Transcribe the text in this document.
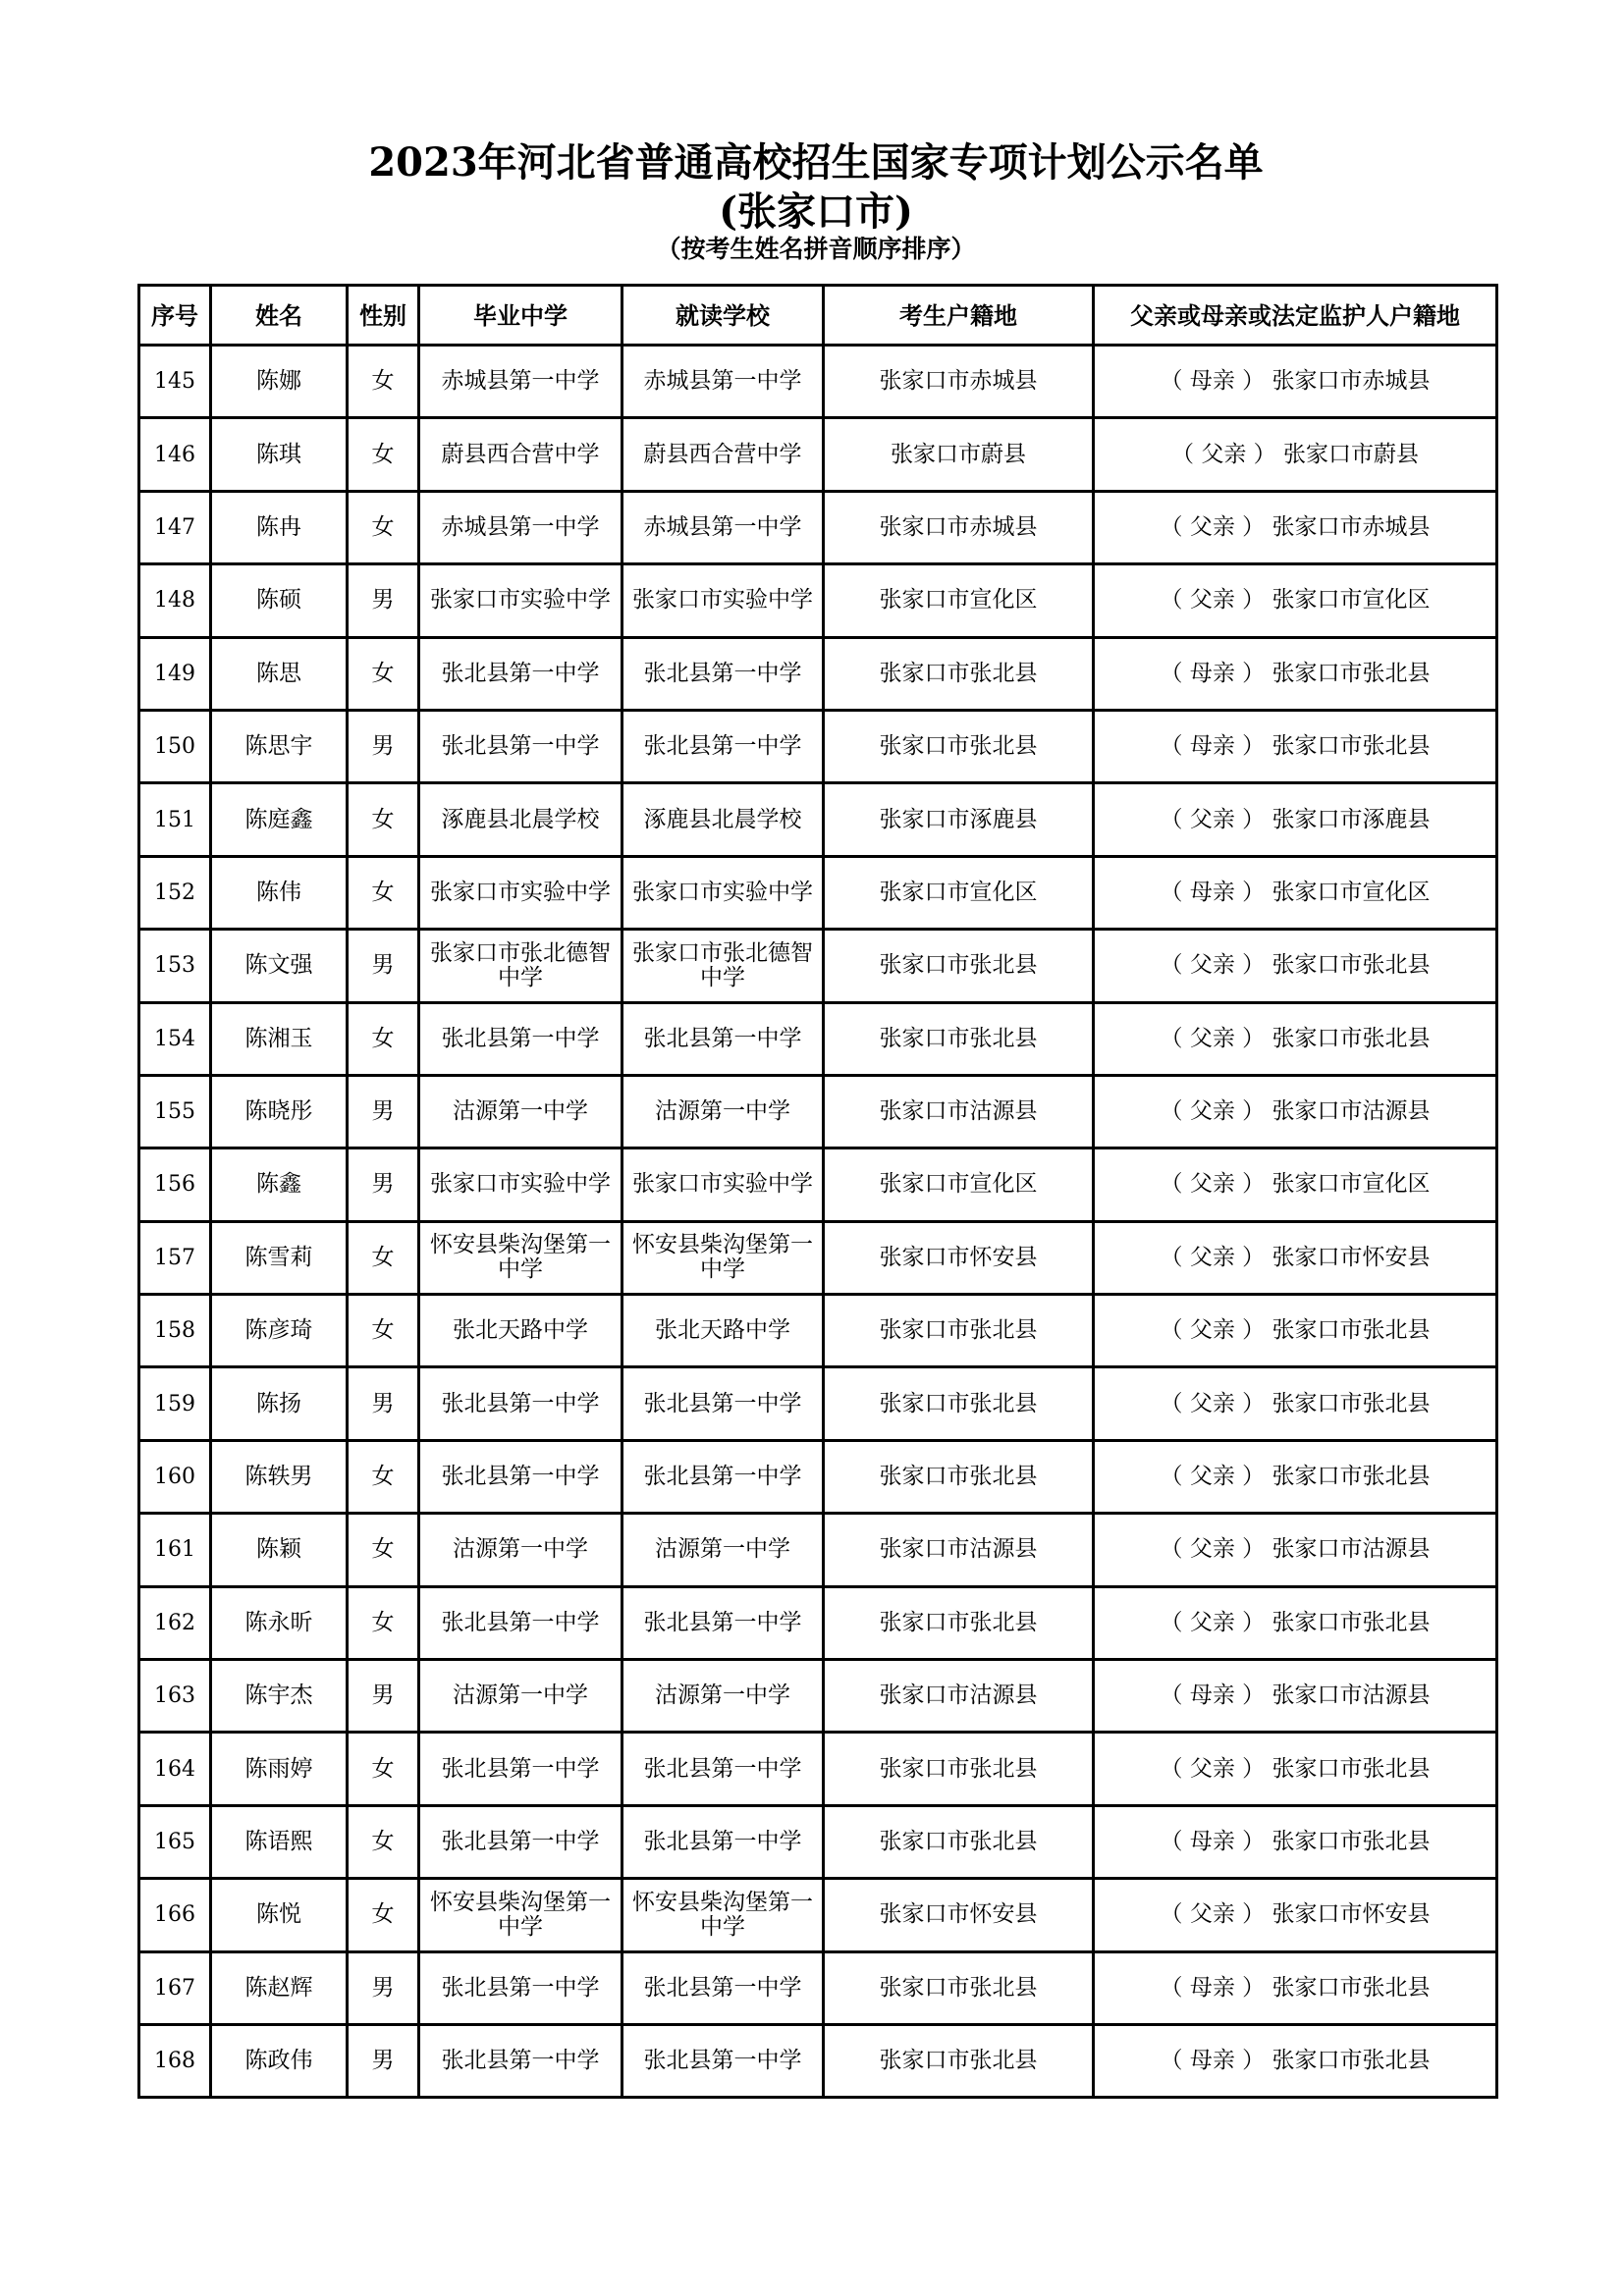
2023年河北省普通高校招生国家专项计划公示名单
(张家口市)
（按考生姓名拼音顺序排序）
序号	姓名	性别	毕业中学	就读学校	考生户籍地	父亲或母亲或法定监护人户籍地
145	陈娜	女	赤城县第一中学	赤城县第一中学	张家口市赤城县	（ 母亲 ） 张家口市赤城县
146	陈琪	女	蔚县西合营中学	蔚县西合营中学	张家口市蔚县	（ 父亲 ） 张家口市蔚县
147	陈冉	女	赤城县第一中学	赤城县第一中学	张家口市赤城县	（ 父亲 ） 张家口市赤城县
148	陈硕	男	张家口市实验中学	张家口市实验中学	张家口市宣化区	（ 父亲 ） 张家口市宣化区
149	陈思	女	张北县第一中学	张北县第一中学	张家口市张北县	（ 母亲 ） 张家口市张北县
150	陈思宇	男	张北县第一中学	张北县第一中学	张家口市张北县	（ 母亲 ） 张家口市张北县
151	陈庭鑫	女	涿鹿县北晨学校	涿鹿县北晨学校	张家口市涿鹿县	（ 父亲 ） 张家口市涿鹿县
152	陈伟	女	张家口市实验中学	张家口市实验中学	张家口市宣化区	（ 母亲 ） 张家口市宣化区
153	陈文强	男	张家口市张北德智中学	张家口市张北德智中学	张家口市张北县	（ 父亲 ） 张家口市张北县
154	陈湘玉	女	张北县第一中学	张北县第一中学	张家口市张北县	（ 父亲 ） 张家口市张北县
155	陈晓彤	男	沽源第一中学	沽源第一中学	张家口市沽源县	（ 父亲 ） 张家口市沽源县
156	陈鑫	男	张家口市实验中学	张家口市实验中学	张家口市宣化区	（ 父亲 ） 张家口市宣化区
157	陈雪莉	女	怀安县柴沟堡第一中学	怀安县柴沟堡第一中学	张家口市怀安县	（ 父亲 ） 张家口市怀安县
158	陈彦琦	女	张北天路中学	张北天路中学	张家口市张北县	（ 父亲 ） 张家口市张北县
159	陈扬	男	张北县第一中学	张北县第一中学	张家口市张北县	（ 父亲 ） 张家口市张北县
160	陈轶男	女	张北县第一中学	张北县第一中学	张家口市张北县	（ 父亲 ） 张家口市张北县
161	陈颖	女	沽源第一中学	沽源第一中学	张家口市沽源县	（ 父亲 ） 张家口市沽源县
162	陈永昕	女	张北县第一中学	张北县第一中学	张家口市张北县	（ 父亲 ） 张家口市张北县
163	陈宇杰	男	沽源第一中学	沽源第一中学	张家口市沽源县	（ 母亲 ） 张家口市沽源县
164	陈雨婷	女	张北县第一中学	张北县第一中学	张家口市张北县	（ 父亲 ） 张家口市张北县
165	陈语熙	女	张北县第一中学	张北县第一中学	张家口市张北县	（ 母亲 ） 张家口市张北县
166	陈悦	女	怀安县柴沟堡第一中学	怀安县柴沟堡第一中学	张家口市怀安县	（ 父亲 ） 张家口市怀安县
167	陈赵辉	男	张北县第一中学	张北县第一中学	张家口市张北县	（ 母亲 ） 张家口市张北县
168	陈政伟	男	张北县第一中学	张北县第一中学	张家口市张北县	（ 母亲 ） 张家口市张北县
